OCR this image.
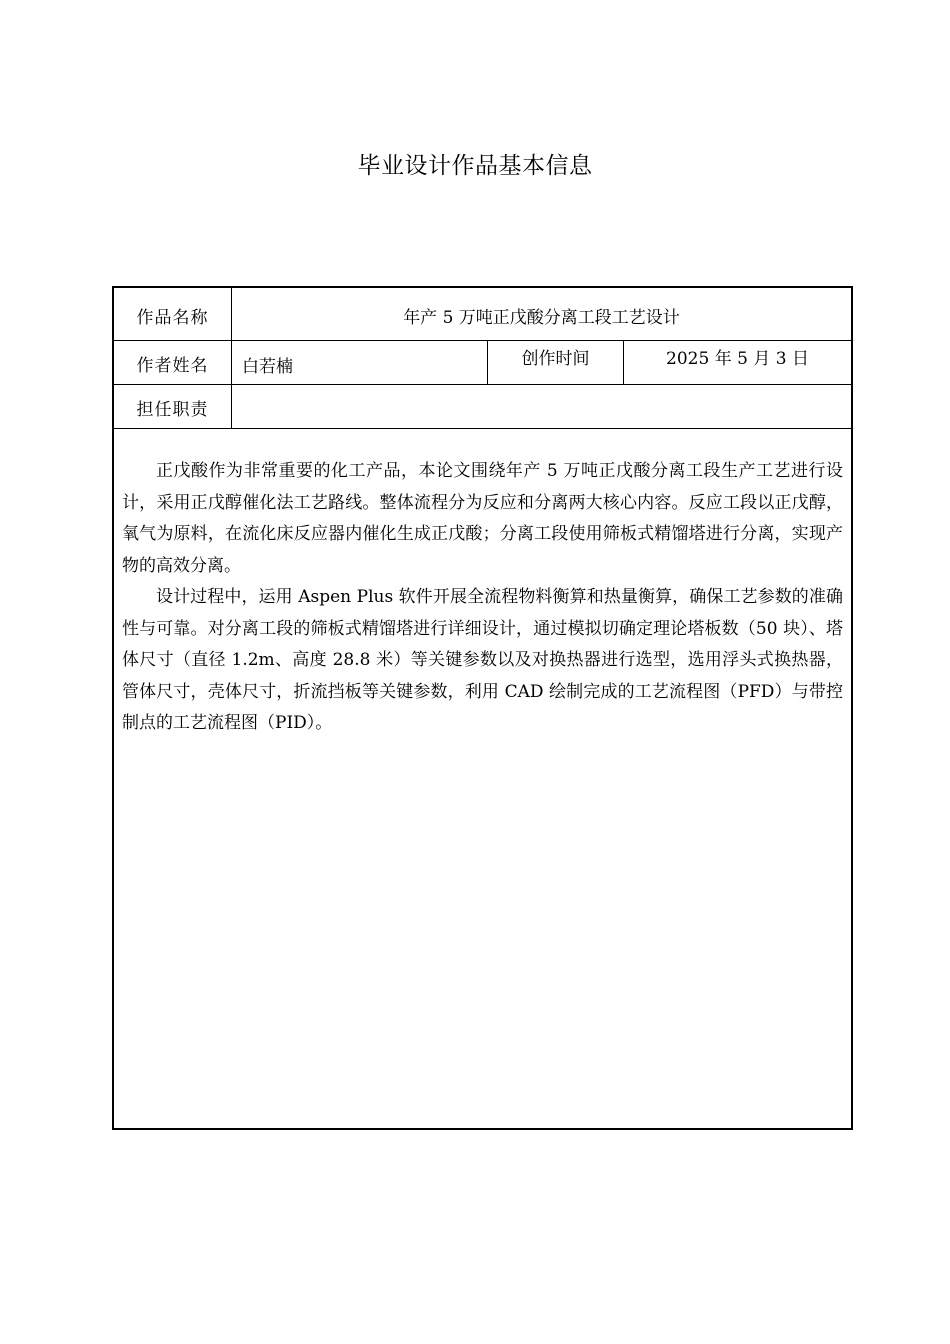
毕业设计作品基本信息
作品名称	年产 5 万吨正戊酸分离工段工艺设计
作者姓名	白若楠	创作时间	2025 年 5 月 3 日
担任职责

正戊酸作为非常重要的化工产品，本论文围绕年产 5 万吨正戊酸分离工段生产工艺进行设计，采用正戊醇催化法工艺路线。整体流程分为反应和分离两大核心内容。反应工段以正戊醇，氧气为原料，在流化床反应器内催化生成正戊酸；分离工段使用筛板式精馏塔进行分离，实现产物的高效分离。

设计过程中，运用 Aspen Plus 软件开展全流程物料衡算和热量衡算，确保工艺参数的准确性与可靠。对分离工段的筛板式精馏塔进行详细设计，通过模拟切确定理论塔板数（50 块）、塔体尺寸（直径 1.2m、高度 28.8 米）等关键参数以及对换热器进行选型，选用浮头式换热器，管体尺寸，壳体尺寸，折流挡板等关键参数，利用 CAD 绘制完成的工艺流程图（PFD）与带控制点的工艺流程图（PID）。
